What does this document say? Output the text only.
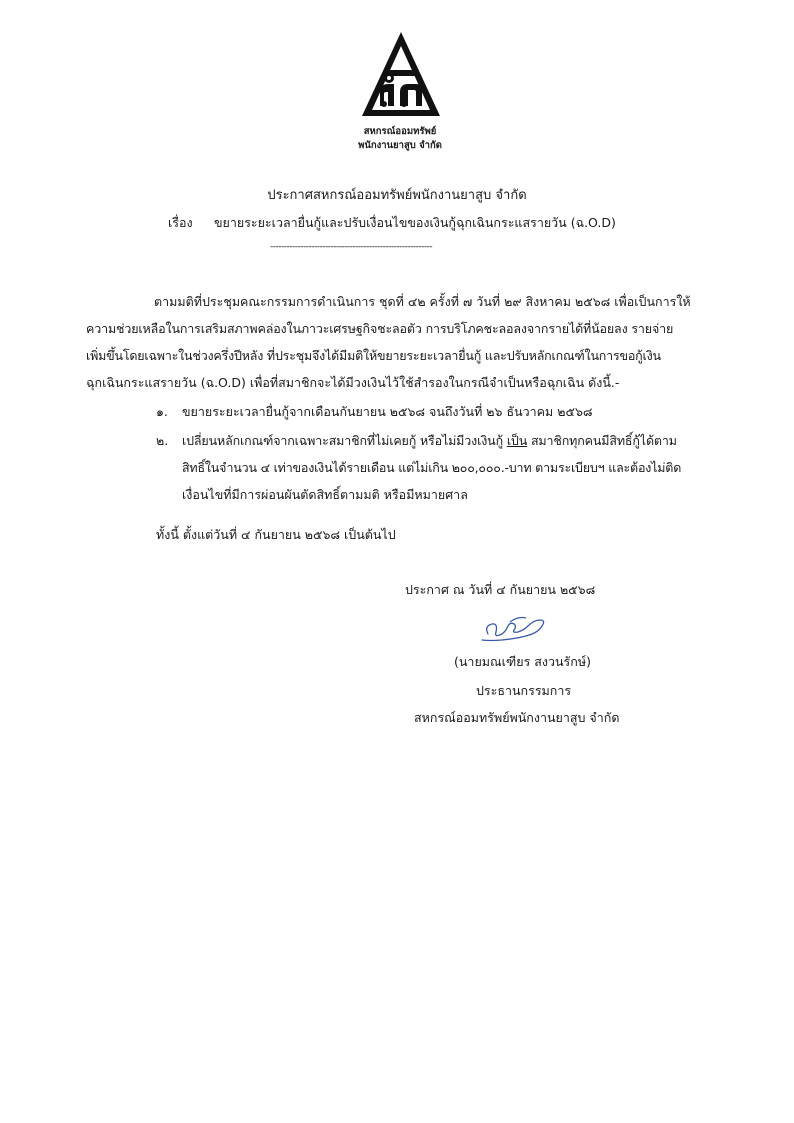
สหกรณ์ออมทรัพย์
พนักงานยาสูบ จำกัด
ประกาศสหกรณ์ออมทรัพย์พนักงานยาสูบ จำกัด
เรื่อง ขยายระยะเวลายื่นกู้และปรับเงื่อนไขของเงินกู้ฉุกเฉินกระแสรายวัน (ฉ.O.D)
-----------------------------------------------------------
ตามมติที่ประชุมคณะกรรมการดำเนินการ ชุดที่ ๔๒ ครั้งที่ ๗ วันที่ ๒๙ สิงหาคม ๒๕๖๘ เพื่อเป็นการให้
ความช่วยเหลือในการเสริมสภาพคล่องในภาวะเศรษฐกิจชะลอตัว การบริโภคชะลอลงจากรายได้ที่น้อยลง รายจ่าย
เพิ่มขึ้นโดยเฉพาะในช่วงครึ่งปีหลัง ที่ประชุมจึงได้มีมติให้ขยายระยะเวลายื่นกู้ และปรับหลักเกณฑ์ในการขอกู้เงิน
ฉุกเฉินกระแสรายวัน (ฉ.O.D) เพื่อที่สมาชิกจะได้มีวงเงินไว้ใช้สำรองในกรณีจำเป็นหรือฉุกเฉิน ดังนี้.-
๑. ขยายระยะเวลายื่นกู้จากเดือนกันยายน ๒๕๖๘ จนถึงวันที่ ๒๖ ธันวาคม ๒๕๖๘
๒. เปลี่ยนหลักเกณฑ์จากเฉพาะสมาชิกที่ไม่เคยกู้ หรือไม่มีวงเงินกู้ เป็น สมาชิกทุกคนมีสิทธิ์กู้ได้ตาม
สิทธิ์ในจำนวน ๔ เท่าของเงินได้รายเดือน แต่ไม่เกิน ๒๐๐,๐๐๐.-บาท ตามระเบียบฯ และต้องไม่ติด
เงื่อนไขที่มีการผ่อนผันตัดสิทธิ์ตามมติ หรือมีหมายศาล
ทั้งนี้ ตั้งแต่วันที่ ๔ กันยายน ๒๕๖๘ เป็นต้นไป
ประกาศ ณ วันที่ ๔ กันยายน ๒๕๖๘
(นายมณเฑียร สงวนรักษ์)
ประธานกรรมการ
สหกรณ์ออมทรัพย์พนักงานยาสูบ จำกัด
